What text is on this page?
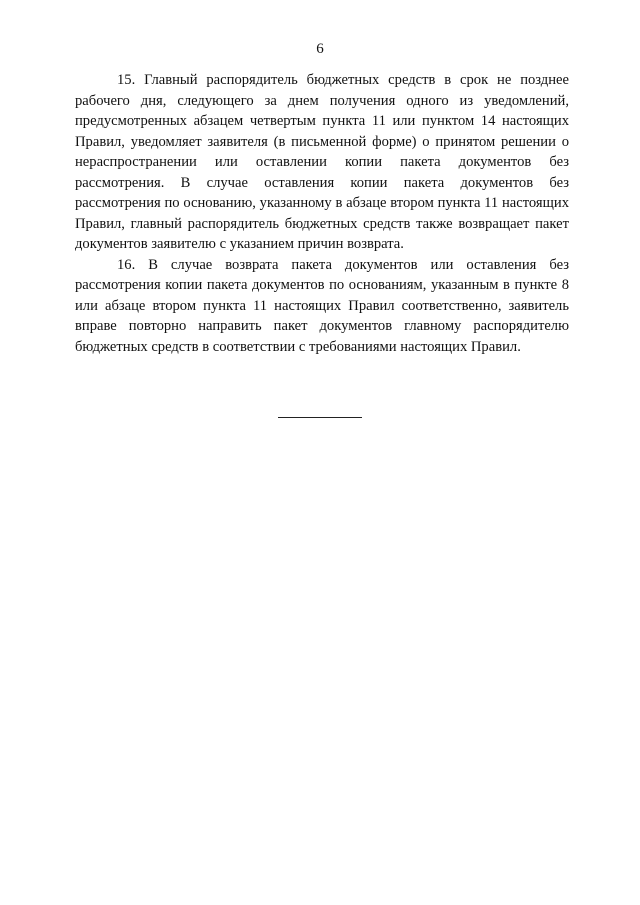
6

15. Главный распорядитель бюджетных средств в срок не позднее рабочего дня, следующего за днем получения одного из уведомлений, предусмотренных абзацем четвертым пункта 11 или пунктом 14 настоящих Правил, уведомляет заявителя (в письменной форме) о принятом решении о нераспространении или оставлении копии пакета документов без рассмотрения. В случае оставления копии пакета документов без рассмотрения по основанию, указанному в абзаце втором пункта 11 настоящих Правил, главный распорядитель бюджетных средств также возвращает пакет документов заявителю с указанием причин возврата.

16. В случае возврата пакета документов или оставления без рассмотрения копии пакета документов по основаниям, указанным в пункте 8 или абзаце втором пункта 11 настоящих Правил соответственно, заявитель вправе повторно направить пакет документов главному распорядителю бюджетных средств в соответствии с требованиями настоящих Правил.
